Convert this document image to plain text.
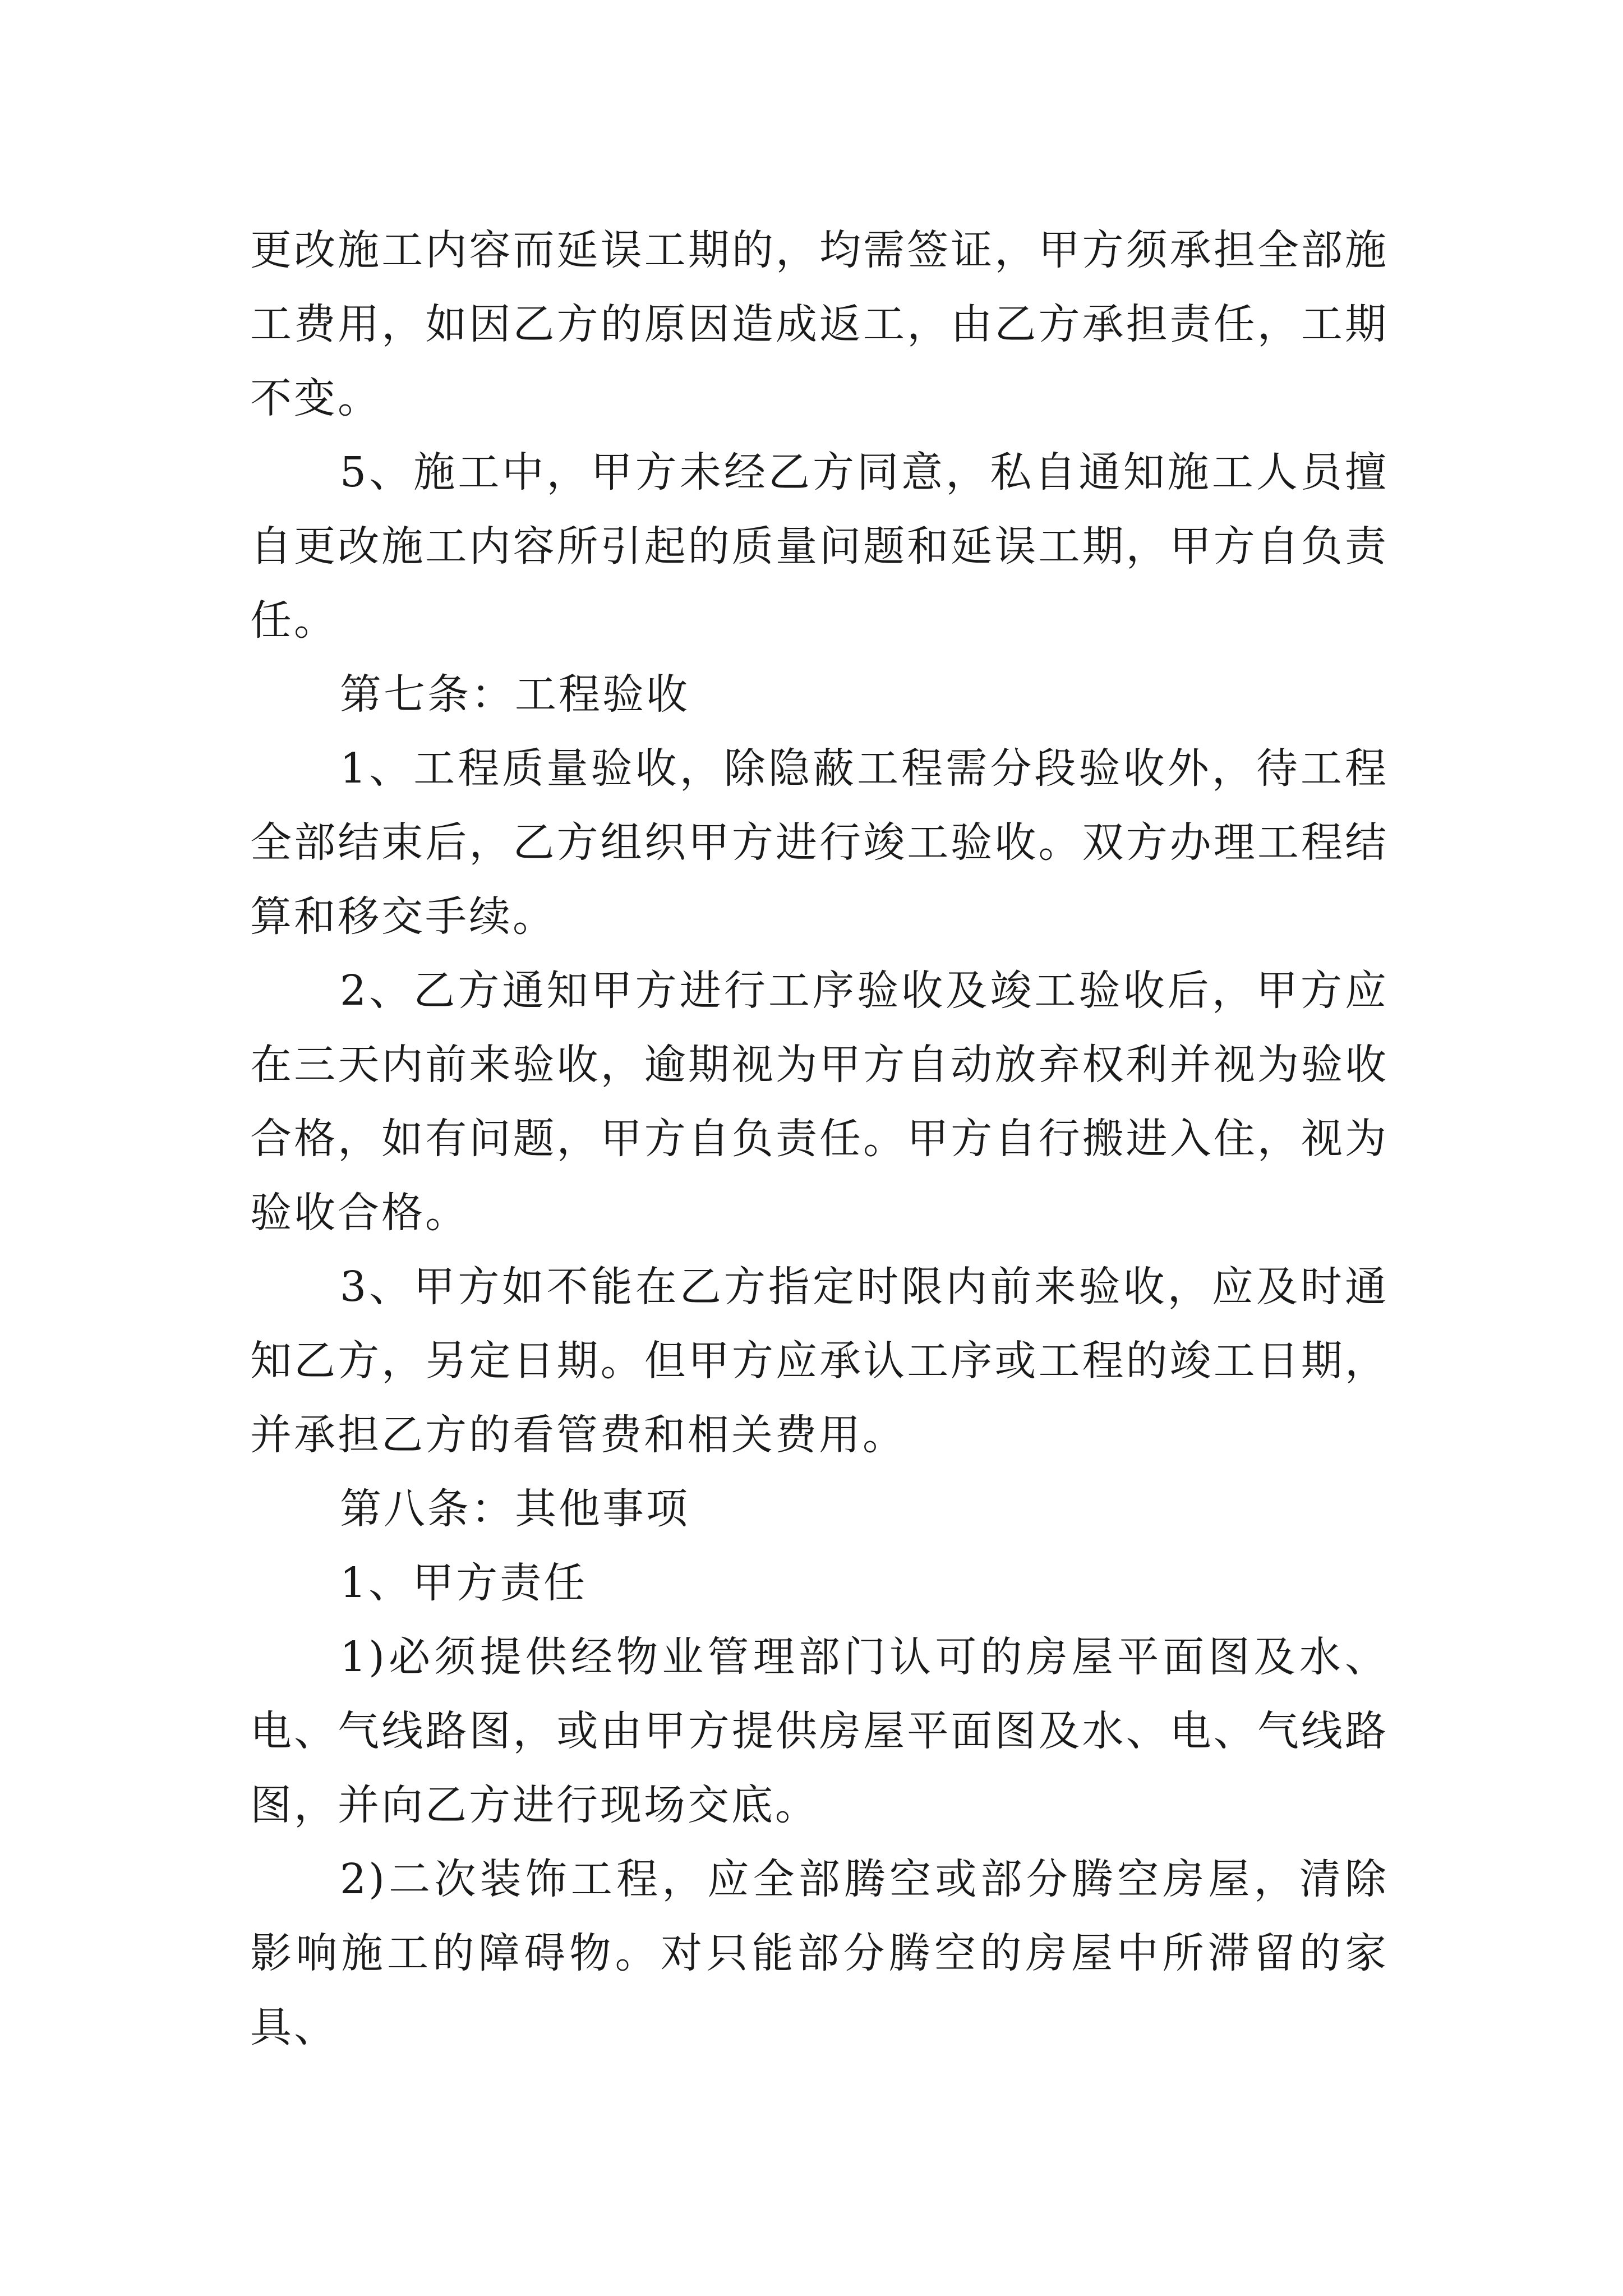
更改施工内容而延误工期的，均需签证，甲方须承担全部施工费用，如因乙方的原因造成返工，由乙方承担责任，工期不变。

5、施工中，甲方未经乙方同意，私自通知施工人员擅自更改施工内容所引起的质量问题和延误工期，甲方自负责任。

第七条：工程验收

1、工程质量验收，除隐蔽工程需分段验收外，待工程全部结束后，乙方组织甲方进行竣工验收。双方办理工程结算和移交手续。

2、乙方通知甲方进行工序验收及竣工验收后，甲方应在三天内前来验收，逾期视为甲方自动放弃权利并视为验收合格，如有问题，甲方自负责任。甲方自行搬进入住，视为验收合格。

3、甲方如不能在乙方指定时限内前来验收，应及时通知乙方，另定日期。但甲方应承认工序或工程的竣工日期，并承担乙方的看管费和相关费用。

第八条：其他事项

1、甲方责任

1)必须提供经物业管理部门认可的房屋平面图及水、电、气线路图，或由甲方提供房屋平面图及水、电、气线路图，并向乙方进行现场交底。

2)二次装饰工程，应全部腾空或部分腾空房屋，清除影响施工的障碍物。对只能部分腾空的房屋中所滞留的家具、
